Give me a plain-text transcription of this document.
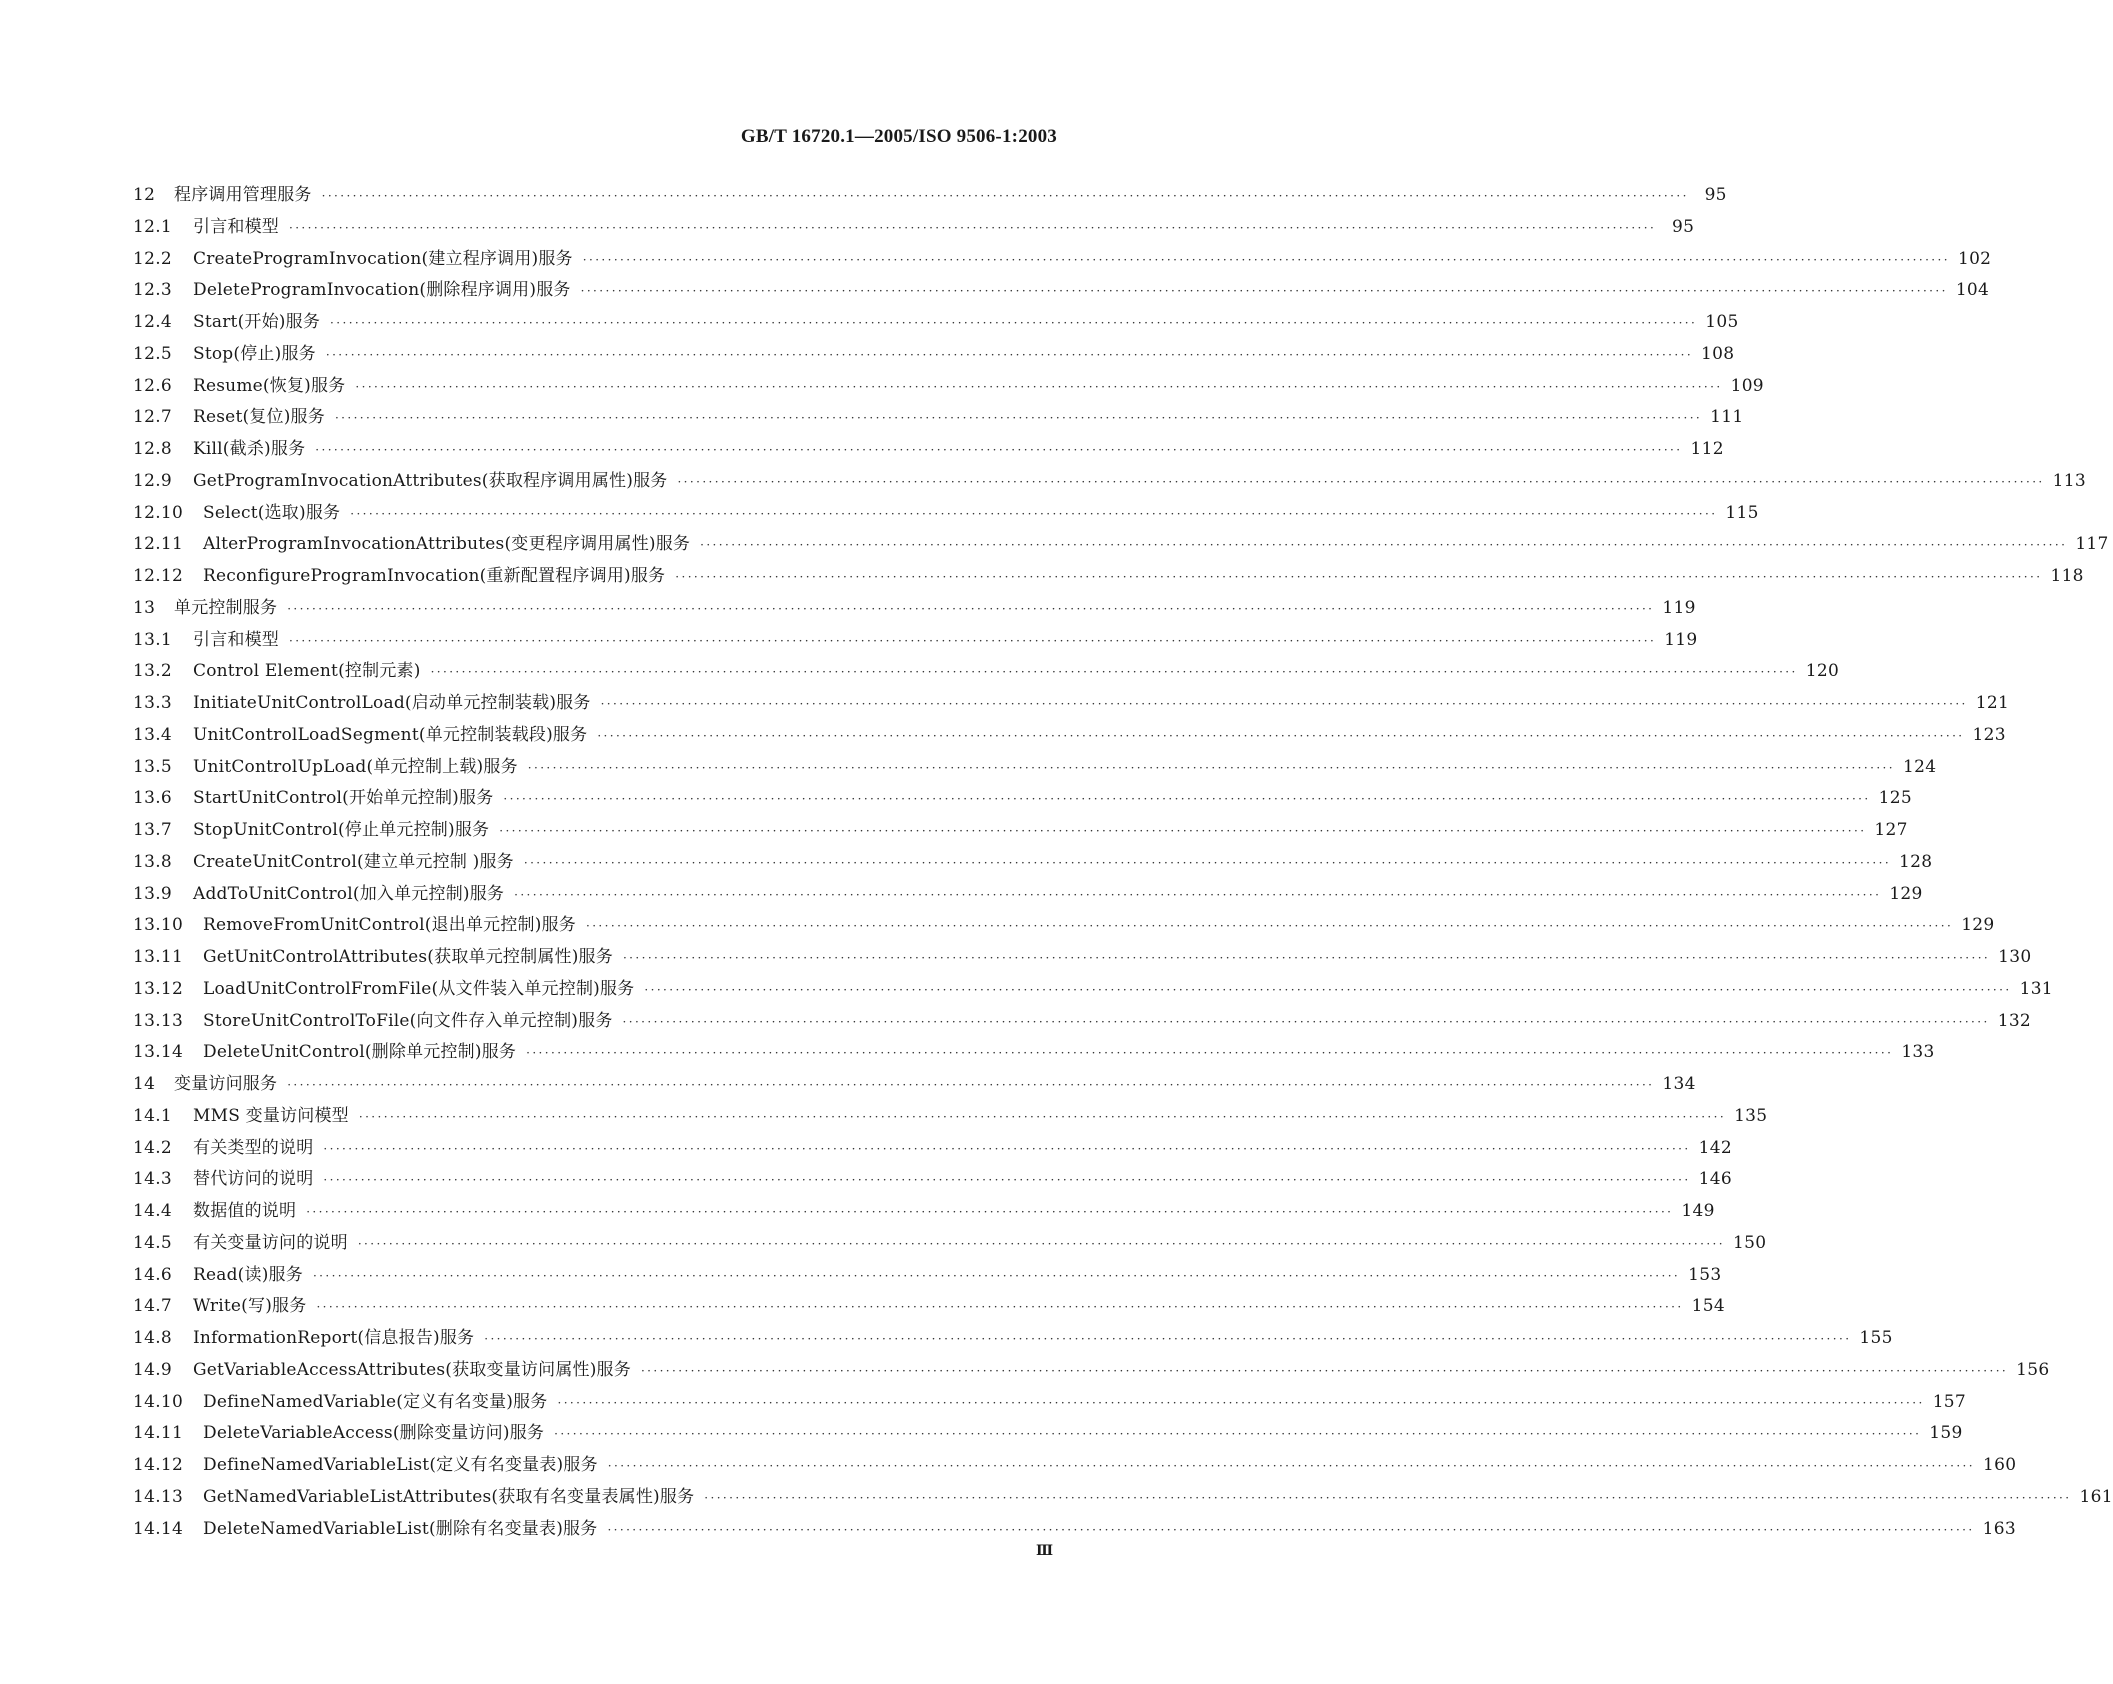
GB/T 16720.1—2005/ISO 9506-1:2003
12	程序调用管理服务 ···························································································································································································································· 95
12.1	引言和模型 ···························································································································································································································· 95
12.2	CreateProgramInvocation(建立程序调用)服务 ···························································································································································································································· 102
12.3	DeleteProgramInvocation(删除程序调用)服务 ···························································································································································································································· 104
12.4	Start(开始)服务 ···························································································································································································································· 105
12.5	Stop(停止)服务 ···························································································································································································································· 108
12.6	Resume(恢复)服务 ···························································································································································································································· 109
12.7	Reset(复位)服务 ···························································································································································································································· 111
12.8	Kill(截杀)服务 ···························································································································································································································· 112
12.9	GetProgramInvocationAttributes(获取程序调用属性)服务 ···························································································································································································································· 113
12.10	Select(选取)服务 ···························································································································································································································· 115
12.11	AlterProgramInvocationAttributes(变更程序调用属性)服务 ···························································································································································································································· 117
12.12	ReconfigureProgramInvocation(重新配置程序调用)服务 ···························································································································································································································· 118
13	单元控制服务 ···························································································································································································································· 119
13.1	引言和模型 ···························································································································································································································· 119
13.2	Control Element(控制元素) ···························································································································································································································· 120
13.3	InitiateUnitControlLoad(启动单元控制装载)服务 ···························································································································································································································· 121
13.4	UnitControlLoadSegment(单元控制装载段)服务 ···························································································································································································································· 123
13.5	UnitControlUpLoad(单元控制上载)服务 ···························································································································································································································· 124
13.6	StartUnitControl(开始单元控制)服务 ···························································································································································································································· 125
13.7	StopUnitControl(停止单元控制)服务 ···························································································································································································································· 127
13.8	CreateUnitControl(建立单元控制 )服务 ···························································································································································································································· 128
13.9	AddToUnitControl(加入单元控制)服务 ···························································································································································································································· 129
13.10	RemoveFromUnitControl(退出单元控制)服务 ···························································································································································································································· 129
13.11	GetUnitControlAttributes(获取单元控制属性)服务 ···························································································································································································································· 130
13.12	LoadUnitControlFromFile(从文件装入单元控制)服务 ···························································································································································································································· 131
13.13	StoreUnitControlToFile(向文件存入单元控制)服务 ···························································································································································································································· 132
13.14	DeleteUnitControl(删除单元控制)服务 ···························································································································································································································· 133
14	变量访问服务 ···························································································································································································································· 134
14.1	MMS 变量访问模型 ···························································································································································································································· 135
14.2	有关类型的说明 ···························································································································································································································· 142
14.3	替代访问的说明 ···························································································································································································································· 146
14.4	数据值的说明 ···························································································································································································································· 149
14.5	有关变量访问的说明 ···························································································································································································································· 150
14.6	Read(读)服务 ···························································································································································································································· 153
14.7	Write(写)服务 ···························································································································································································································· 154
14.8	InformationReport(信息报告)服务 ···························································································································································································································· 155
14.9	GetVariableAccessAttributes(获取变量访问属性)服务 ···························································································································································································································· 156
14.10	DefineNamedVariable(定义有名变量)服务 ···························································································································································································································· 157
14.11	DeleteVariableAccess(删除变量访问)服务 ···························································································································································································································· 159
14.12	DefineNamedVariableList(定义有名变量表)服务 ···························································································································································································································· 160
14.13	GetNamedVariableListAttributes(获取有名变量表属性)服务 ···························································································································································································································· 161
14.14	DeleteNamedVariableList(删除有名变量表)服务 ···························································································································································································································· 163
Ⅲ
